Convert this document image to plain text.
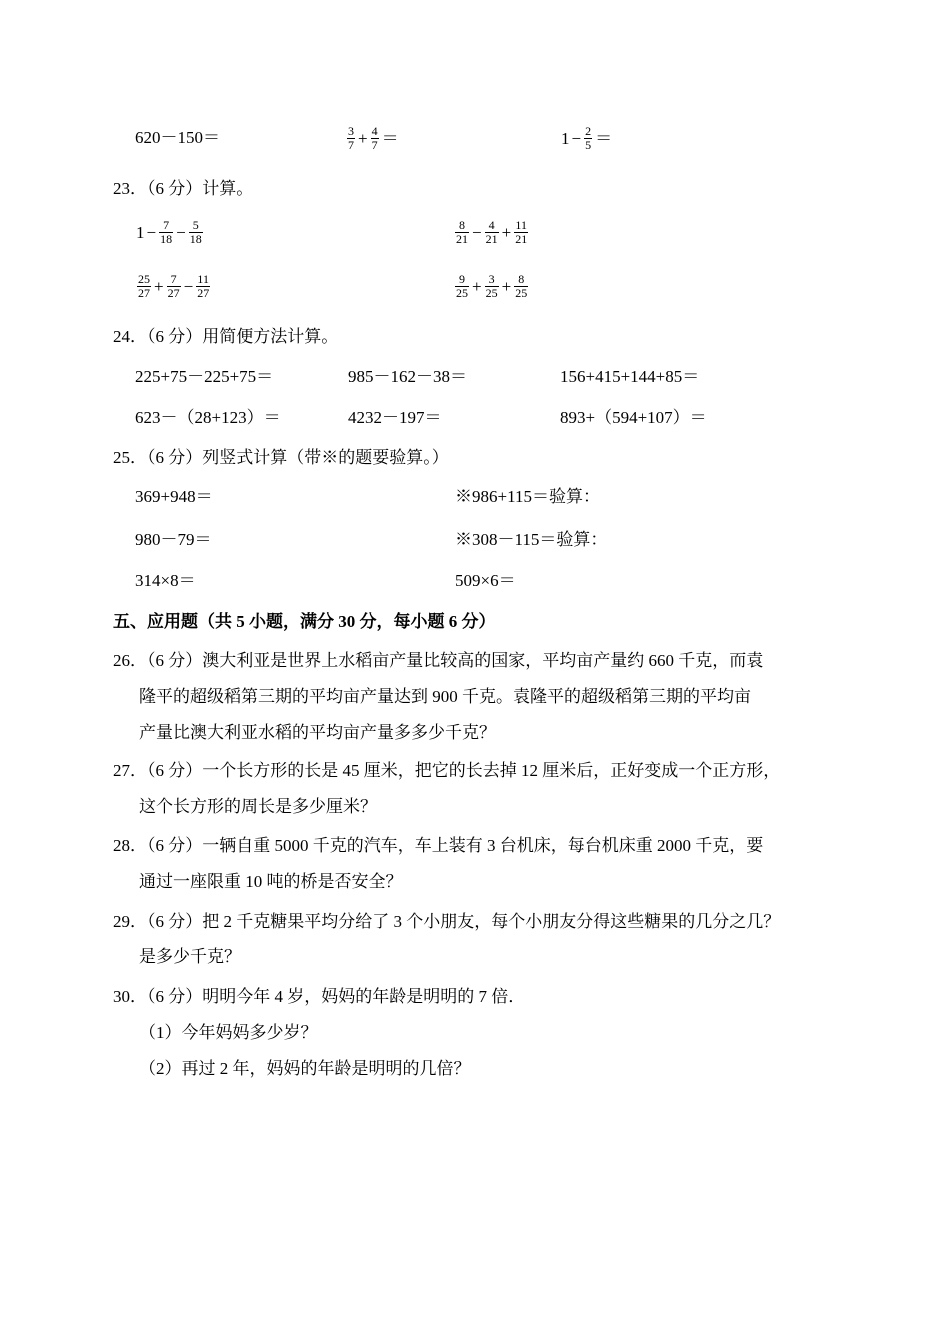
620－150＝	$\frac{3}{7} + \frac{4}{7}$ ＝	$1 - \frac{2}{5}$ ＝
23．（6 分）计算。
$1 - \frac{7}{18} - \frac{5}{18}$	$\frac{8}{21} - \frac{4}{21} + \frac{11}{21}$
$\frac{25}{27} + \frac{7}{27} - \frac{11}{27}$	$\frac{9}{25} + \frac{3}{25} + \frac{8}{25}$
24．（6 分）用简便方法计算。
225+75－225+75＝	985－162－38＝	156+415+144+85＝
623－（28+123）＝	4232－197＝	893+（594+107）＝
25．（6 分）列竖式计算（带※的题要验算。）
369+948＝	※986+115＝验算：
980－79＝	※308－115＝验算：
314×8＝	509×6＝
五、应用题（共 5 小题，满分 30 分，每小题 6 分）
26．（6 分）澳大利亚是世界上水稻亩产量比较高的国家，平均亩产量约 660 千克，而袁
隆平的超级稻第三期的平均亩产量达到 900 千克。袁隆平的超级稻第三期的平均亩
产量比澳大利亚水稻的平均亩产量多多少千克？
27．（6 分）一个长方形的长是 45 厘米，把它的长去掉 12 厘米后，正好变成一个正方形，
这个长方形的周长是多少厘米？
28．（6 分）一辆自重 5000 千克的汽车，车上装有 3 台机床，每台机床重 2000 千克，要
通过一座限重 10 吨的桥是否安全？
29．（6 分）把 2 千克糖果平均分给了 3 个小朋友，每个小朋友分得这些糖果的几分之几？
是多少千克？
30．（6 分）明明今年 4 岁，妈妈的年龄是明明的 7 倍．
（1）今年妈妈多少岁？
（2）再过 2 年，妈妈的年龄是明明的几倍？
